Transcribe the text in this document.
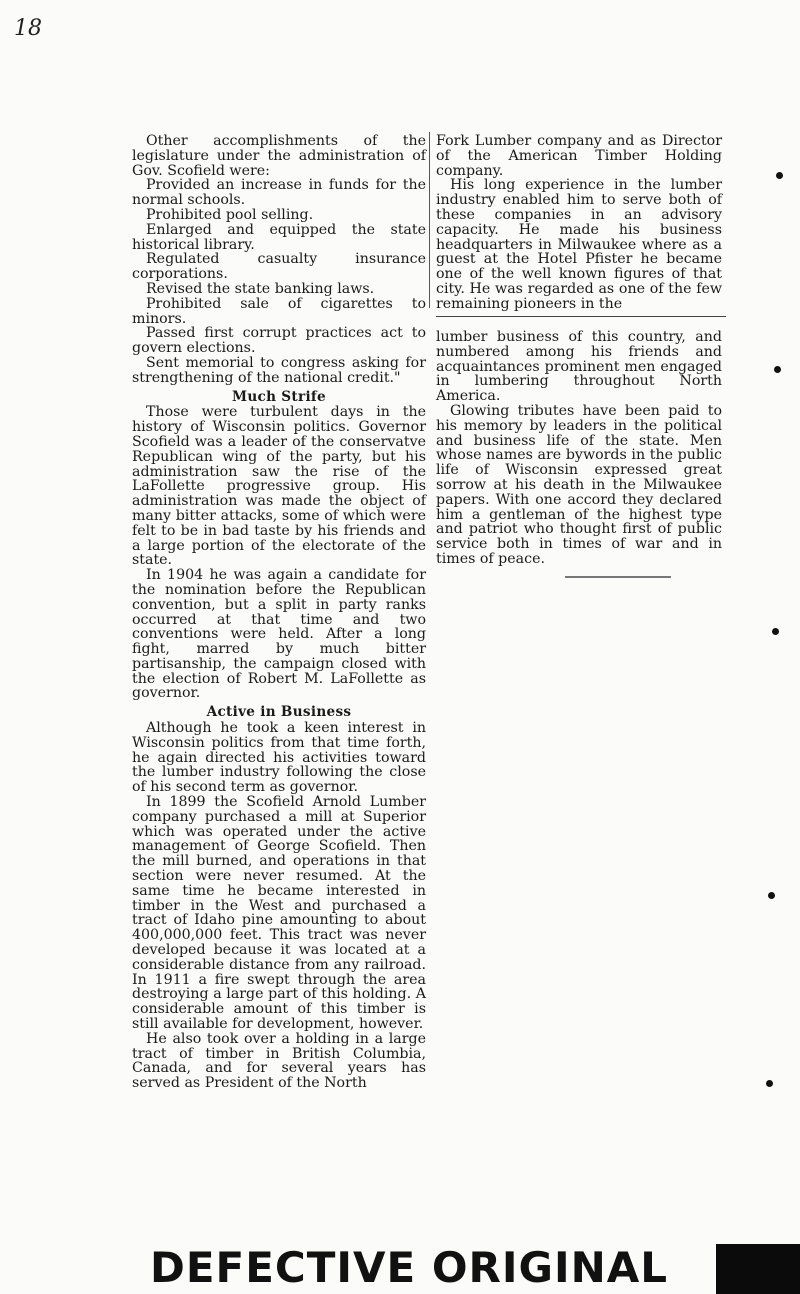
18

Other accomplishments of the legislature under the administration of Gov. Scofield were:

Provided an increase in funds for the normal schools.

Prohibited pool selling.

Enlarged and equipped the state historical library.

Regulated casualty insurance corporations.

Revised the state banking laws.

Prohibited sale of cigarettes to minors.

Passed first corrupt practices act to govern elections.

Sent memorial to congress asking for strengthening of the national credit."

Much Strife

Those were turbulent days in the history of Wisconsin politics. Governor Scofield was a leader of the conservatve Republican wing of the party, but his administration saw the rise of the LaFollette progressive group. His administration was made the object of many bitter attacks, some of which were felt to be in bad taste by his friends and a large portion of the electorate of the state.

In 1904 he was again a candidate for the nomination before the Republican convention, but a split in party ranks occurred at that time and two conventions were held. After a long fight, marred by much bitter partisanship, the campaign closed with the election of Robert M. LaFollette as governor.

Active in Business

Although he took a keen interest in Wisconsin politics from that time forth, he again directed his activities toward the lumber industry following the close of his second term as governor.

In 1899 the Scofield Arnold Lumber company purchased a mill at Superior which was operated under the active management of George Scofield. Then the mill burned, and operations in that section were never resumed. At the same time he became interested in timber in the West and purchased a tract of Idaho pine amounting to about 400,000,000 feet. This tract was never developed because it was located at a considerable distance from any railroad. In 1911 a fire swept through the area destroying a large part of this holding. A considerable amount of this timber is still available for development, however.

He also took over a holding in a large tract of timber in British Columbia, Canada, and for several years has served as President of the North

Fork Lumber company and as Director of the American Timber Holding company.

His long experience in the lumber industry enabled him to serve both of these companies in an advisory capacity. He made his business headquarters in Milwaukee where as a guest at the Hotel Pfister he became one of the well known figures of that city. He was regarded as one of the few remaining pioneers in the

lumber business of this country, and numbered among his friends and acquaintances prominent men engaged in lumbering throughout North America.

Glowing tributes have been paid to his memory by leaders in the political and business life of the state. Men whose names are bywords in the public life of Wisconsin expressed great sorrow at his death in the Milwaukee papers. With one accord they declared him a gentleman of the highest type and patriot who thought first of public service both in times of war and in times of peace.

DEFECTIVE ORIGINAL
